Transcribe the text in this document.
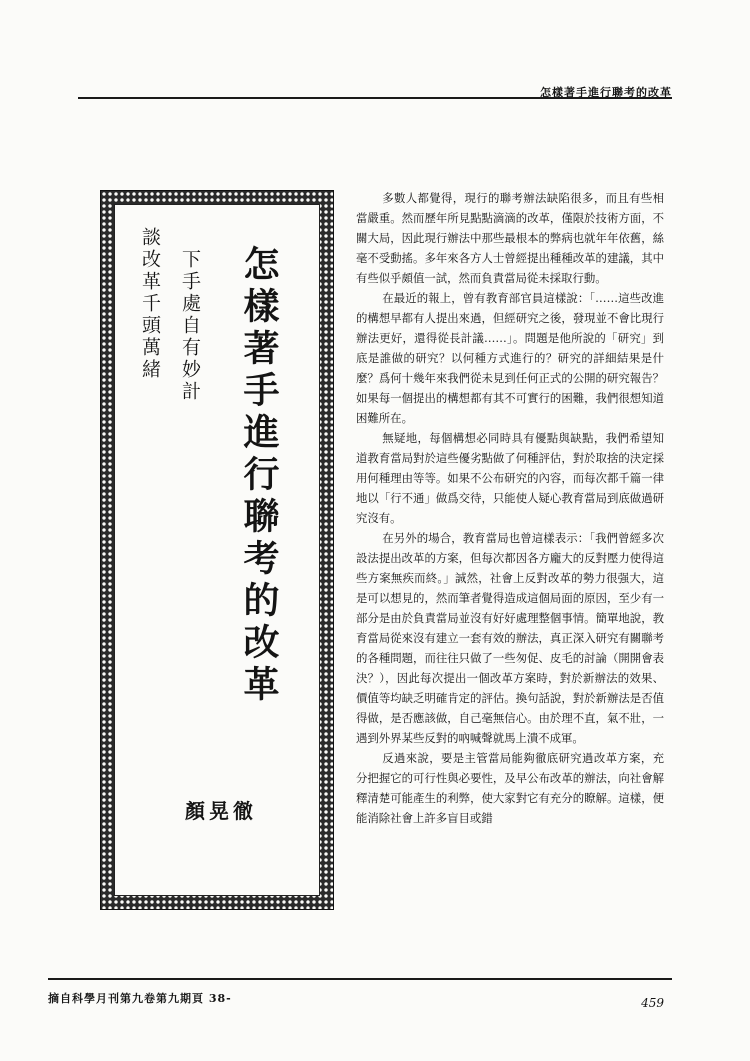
怎樣著手進行聯考的改革
怎樣著手進行聯考的改革
下手處自有妙計
談改革千頭萬緒
顏晃徹

多數人都覺得，現行的聯考辦法缺陷很多，而且有些相當嚴重。然而歷年所見點點滴滴的改革，僅限於技術方面，不關大局，因此現行辦法中那些最根本的弊病也就年年依舊，絲毫不受動搖。多年來各方人士曾經提出種種改革的建議，其中有些似乎頗值一試，然而負責當局從未採取行動。

在最近的報上，曾有教育部官員這樣說：「……這些改進的構想早都有人提出來過，但經研究之後，發現並不會比現行辦法更好，還得從長計議……」。問題是他所說的「研究」到底是誰做的研究？以何種方式進行的？研究的詳細結果是什麼？爲何十幾年來我們從未見到任何正式的公開的研究報告？如果每一個提出的構想都有其不可實行的困難，我們很想知道困難所在。

無疑地，每個構想必同時具有優點與缺點，我們希望知道教育當局對於這些優劣點做了何種評估，對於取捨的決定採用何種理由等等。如果不公布研究的內容，而每次都千篇一律地以「行不通」做爲交待，只能使人疑心教育當局到底做過研究沒有。

在另外的場合，教育當局也曾這樣表示：「我們曾經多次設法提出改革的方案，但每次都因各方龐大的反對壓力使得這些方案無疾而終。」誠然，社會上反對改革的勢力很强大，這是可以想見的，然而筆者覺得造成這個局面的原因，至少有一部分是由於負責當局並沒有好好處理整個事情。簡單地說，教育當局從來沒有建立一套有效的辦法，真正深入研究有關聯考的各種問題，而往往只做了一些匆促、皮毛的討論（開開會表決？），因此每次提出一個改革方案時，對於新辦法的效果、價值等均缺乏明確肯定的評估。換句話說，對於新辦法是否值得做，是否應該做，自己毫無信心。由於理不直，氣不壯，一遇到外界某些反對的吶喊聲就馬上潰不成軍。

反過來說，要是主管當局能夠徹底研究過改革方案，充分把握它的可行性與必要性，及早公布改革的辦法，向社會解釋清楚可能產生的利弊，使大家對它有充分的瞭解。這樣，便能消除社會上許多盲目或錯

摘自科學月刊第九卷第九期頁 38-	459
